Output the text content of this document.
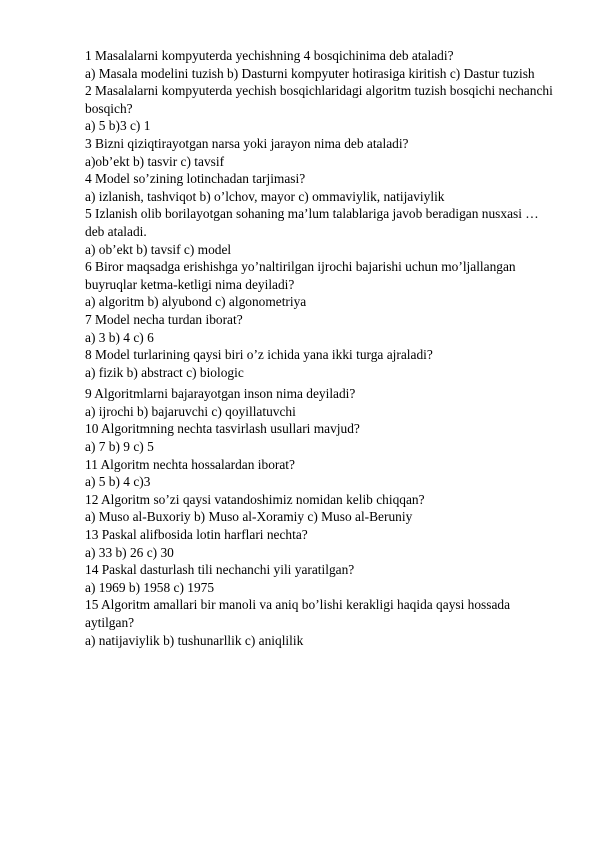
1 Masalalarni kompyuterda yechishning 4 bosqichinima deb ataladi?
a) Masala modelini tuzish b) Dasturni kompyuter hotirasiga kiritish c) Dastur tuzish
2 Masalalarni kompyuterda yechish bosqichlaridagi algoritm tuzish bosqichi nechanchi bosqich?
a) 5 b)3 c) 1
3 Bizni qiziqtirayotgan narsa yoki jarayon nima deb ataladi?
a)ob’ekt b) tasvir c) tavsif
4 Model so’zining lotinchadan tarjimasi?
a) izlanish, tashviqot b) o’lchov, mayor c) ommaviylik, natijaviylik
5 Izlanish olib borilayotgan sohaning ma’lum talablariga javob beradigan nusxasi … deb ataladi.
a) ob’ekt b) tavsif c) model
6 Biror maqsadga erishishga yo’naltirilgan ijrochi bajarishi uchun mo’ljallangan buyruqlar ketma-ketligi nima deyiladi?
a) algoritm b) alyubond c) algonometriya
7 Model necha turdan iborat?
a) 3 b) 4 c) 6
8 Model turlarining qaysi biri o’z ichida yana ikki turga ajraladi?
a) fizik b) abstract c) biologic
9 Algoritmlarni bajarayotgan inson nima deyiladi?
a) ijrochi b) bajaruvchi c) qoyillatuvchi
10 Algoritmning nechta tasvirlash usullari mavjud?
a) 7 b) 9 c) 5
11 Algoritm nechta hossalardan iborat?
a) 5 b) 4 c)3
12 Algoritm so’zi qaysi vatandoshimiz nomidan kelib chiqqan?
a) Muso al-Buxoriy b) Muso al-Xoramiy c) Muso al-Beruniy
13 Paskal alifbosida lotin harflari nechta?
a) 33 b) 26 c) 30
14 Paskal dasturlash tili nechanchi yili yaratilgan?
a) 1969 b) 1958 c) 1975
15 Algoritm amallari bir manoli va aniq bo’lishi kerakligi haqida qaysi hossada aytilgan?
a) natijaviylik b) tushunarllik c) aniqlilik
